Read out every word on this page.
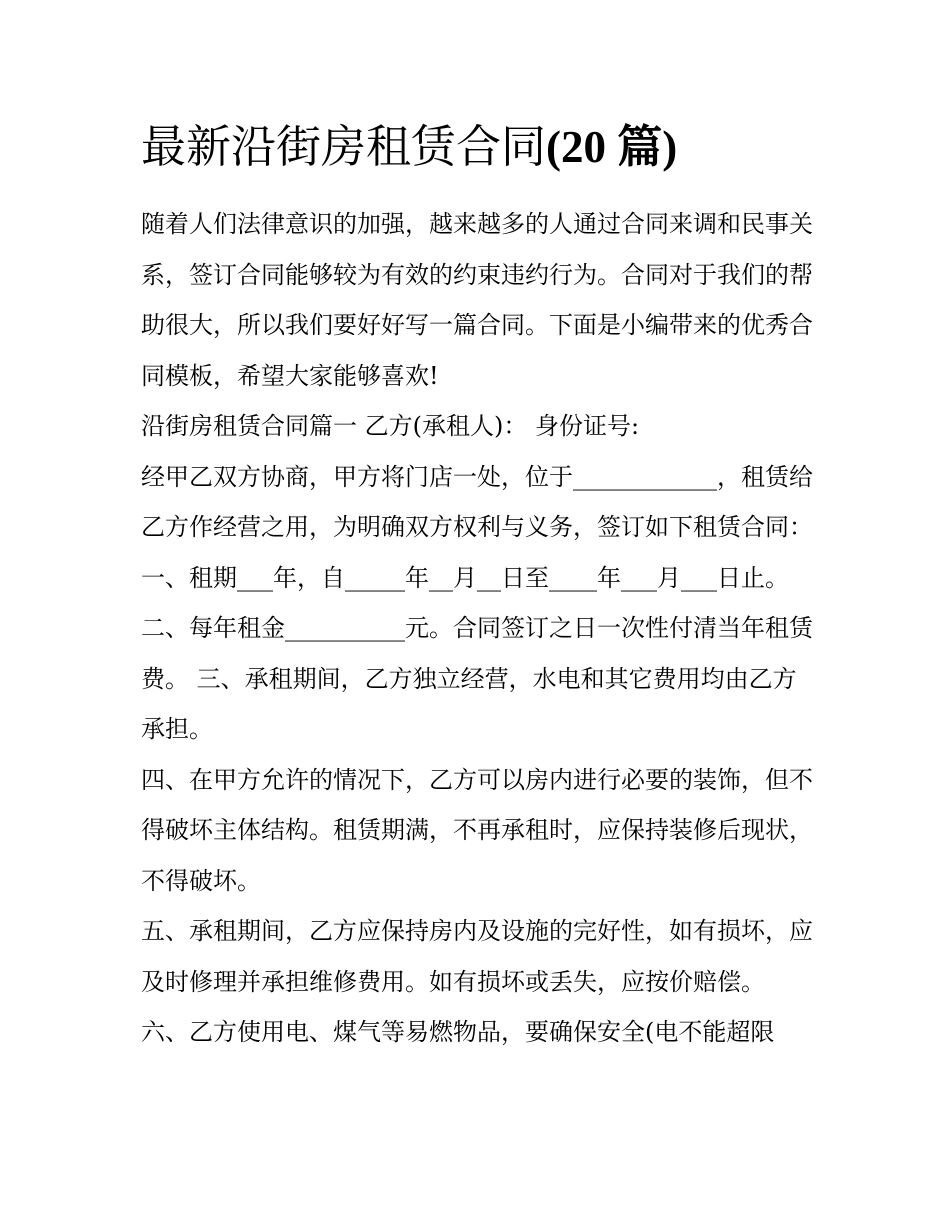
最新沿街房租赁合同(20 篇)

随着人们法律意识的加强，越来越多的人通过合同来调和民事关系，签订合同能够较为有效的约束违约行为。合同对于我们的帮助很大，所以我们要好好写一篇合同。下面是小编带来的优秀合同模板，希望大家能够喜欢!

沿街房租赁合同篇一 乙方(承租人)： 身份证号:

经甲乙双方协商，甲方将门店一处，位于____________，租赁给乙方作经营之用，为明确双方权利与义务，签订如下租赁合同：

一、租期___年，自_____年__月__日至____年___月___日止。

二、每年租金__________元。合同签订之日一次性付清当年租赁费。 三、承租期间，乙方独立经营，水电和其它费用均由乙方承担。

四、在甲方允许的情况下，乙方可以房内进行必要的装饰，但不得破坏主体结构。租赁期满，不再承租时，应保持装修后现状，不得破坏。

五、承租期间，乙方应保持房内及设施的完好性，如有损坏，应及时修理并承担维修费用。如有损坏或丢失，应按价赔偿。

六、乙方使用电、煤气等易燃物品，要确保安全(电不能超限
